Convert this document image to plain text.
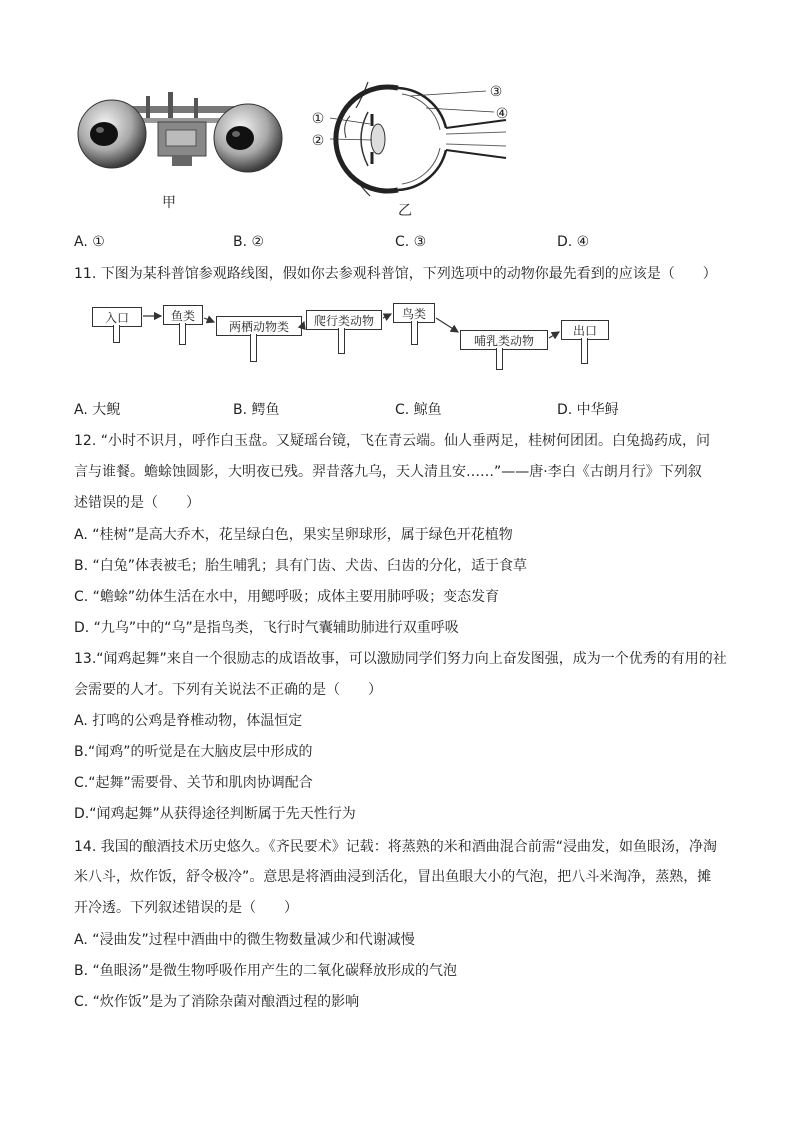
甲
①
②
③
④
乙
A. ①	B. ②	C. ③	D. ④
11. 下图为某科普馆参观路线图，假如你去参观科普馆，下列选项中的动物你最先看到的应该是（　　）
入口	鱼类
两栖动物类	爬行类动物	鸟类
哺乳类动物
出口
A. 大鲵	B. 鳄鱼	C. 鲸鱼	D. 中华鲟
12. “小时不识月，呼作白玉盘。又疑瑶台镜，飞在青云端。仙人垂两足，桂树何团团。白兔捣药成，问
言与谁餐。蟾蜍蚀圆影，大明夜已残。羿昔落九乌，天人清且安……”——唐·李白《古朗月行》下列叙
述错误的是（　　）
A. “桂树”是高大乔木，花呈绿白色，果实呈卵球形，属于绿色开花植物
B. “白兔”体表被毛；胎生哺乳；具有门齿、犬齿、臼齿的分化，适于食草
C. “蟾蜍”幼体生活在水中，用鳃呼吸；成体主要用肺呼吸；变态发育
D. “九乌”中的“乌”是指鸟类，飞行时气囊辅助肺进行双重呼吸
13.“闻鸡起舞”来自一个很励志的成语故事，可以激励同学们努力向上奋发图强，成为一个优秀的有用的社
会需要的人才。下列有关说法不正确的是（　　）
A. 打鸣的公鸡是脊椎动物，体温恒定
B.“闻鸡”的听觉是在大脑皮层中形成的
C.“起舞”需要骨、关节和肌肉协调配合
D.“闻鸡起舞”从获得途径判断属于先天性行为
14. 我国的酿酒技术历史悠久。《齐民要术》记载：将蒸熟的米和酒曲混合前需“浸曲发，如鱼眼汤，净淘
米八斗，炊作饭，舒令极冷”。意思是将酒曲浸到活化，冒出鱼眼大小的气泡，把八斗米淘净，蒸熟，摊
开冷透。下列叙述错误的是（　　）
A. “浸曲发”过程中酒曲中的微生物数量减少和代谢减慢
B. “鱼眼汤”是微生物呼吸作用产生的二氧化碳释放形成的气泡
C. “炊作饭”是为了消除杂菌对酿酒过程的影响
